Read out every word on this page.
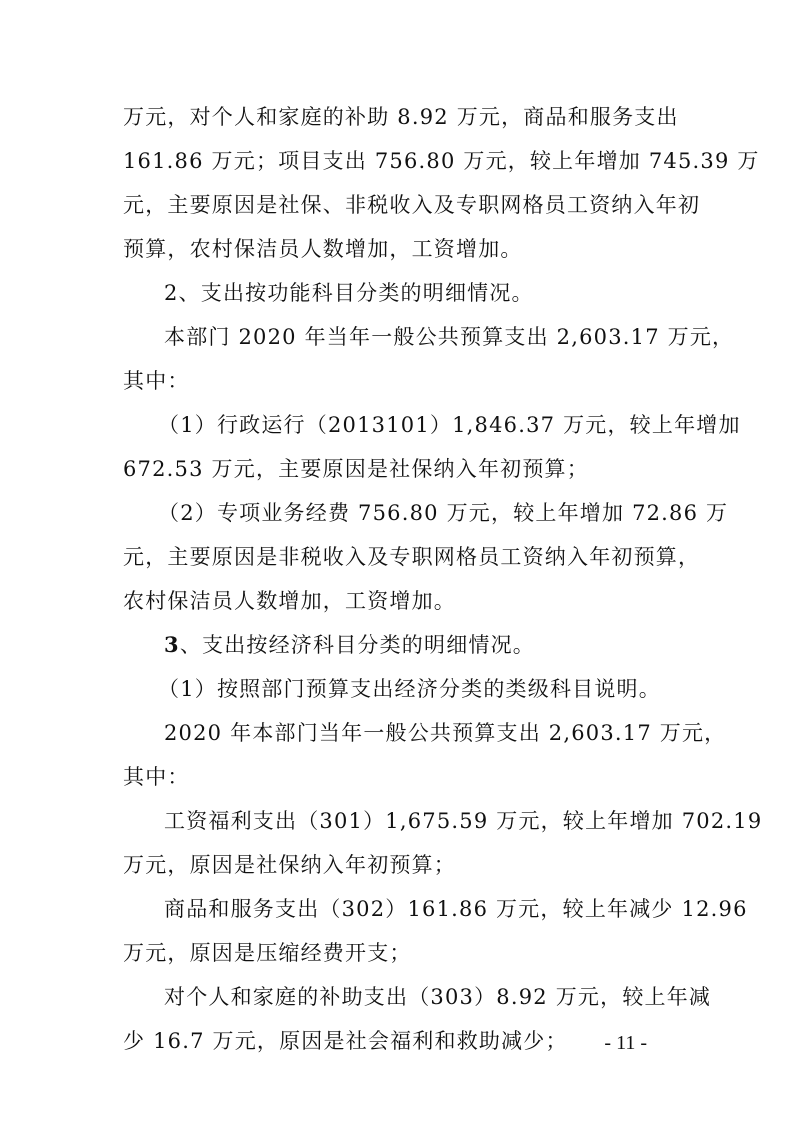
万元，对个人和家庭的补助 8.92 万元，商品和服务支出
161.86 万元；项目支出 756.80 万元，较上年增加 745.39 万
元，主要原因是社保、非税收入及专职网格员工资纳入年初
预算，农村保洁员人数增加，工资增加。
2、支出按功能科目分类的明细情况。
本部门 2020 年当年一般公共预算支出 2,603.17 万元，
其中：
（1）行政运行（2013101）1,846.37 万元，较上年增加
672.53 万元，主要原因是社保纳入年初预算；
（2）专项业务经费 756.80 万元，较上年增加 72.86 万
元，主要原因是非税收入及专职网格员工资纳入年初预算，
农村保洁员人数增加，工资增加。
3、支出按经济科目分类的明细情况。
（1）按照部门预算支出经济分类的类级科目说明。
2020 年本部门当年一般公共预算支出 2,603.17 万元，
其中：
工资福利支出（301）1,675.59 万元，较上年增加 702.19
万元，原因是社保纳入年初预算；
商品和服务支出（302）161.86 万元，较上年减少 12.96
万元，原因是压缩经费开支；
对个人和家庭的补助支出（303）8.92 万元，较上年减
少 16.7 万元，原因是社会福利和救助减少；	- 11 -
